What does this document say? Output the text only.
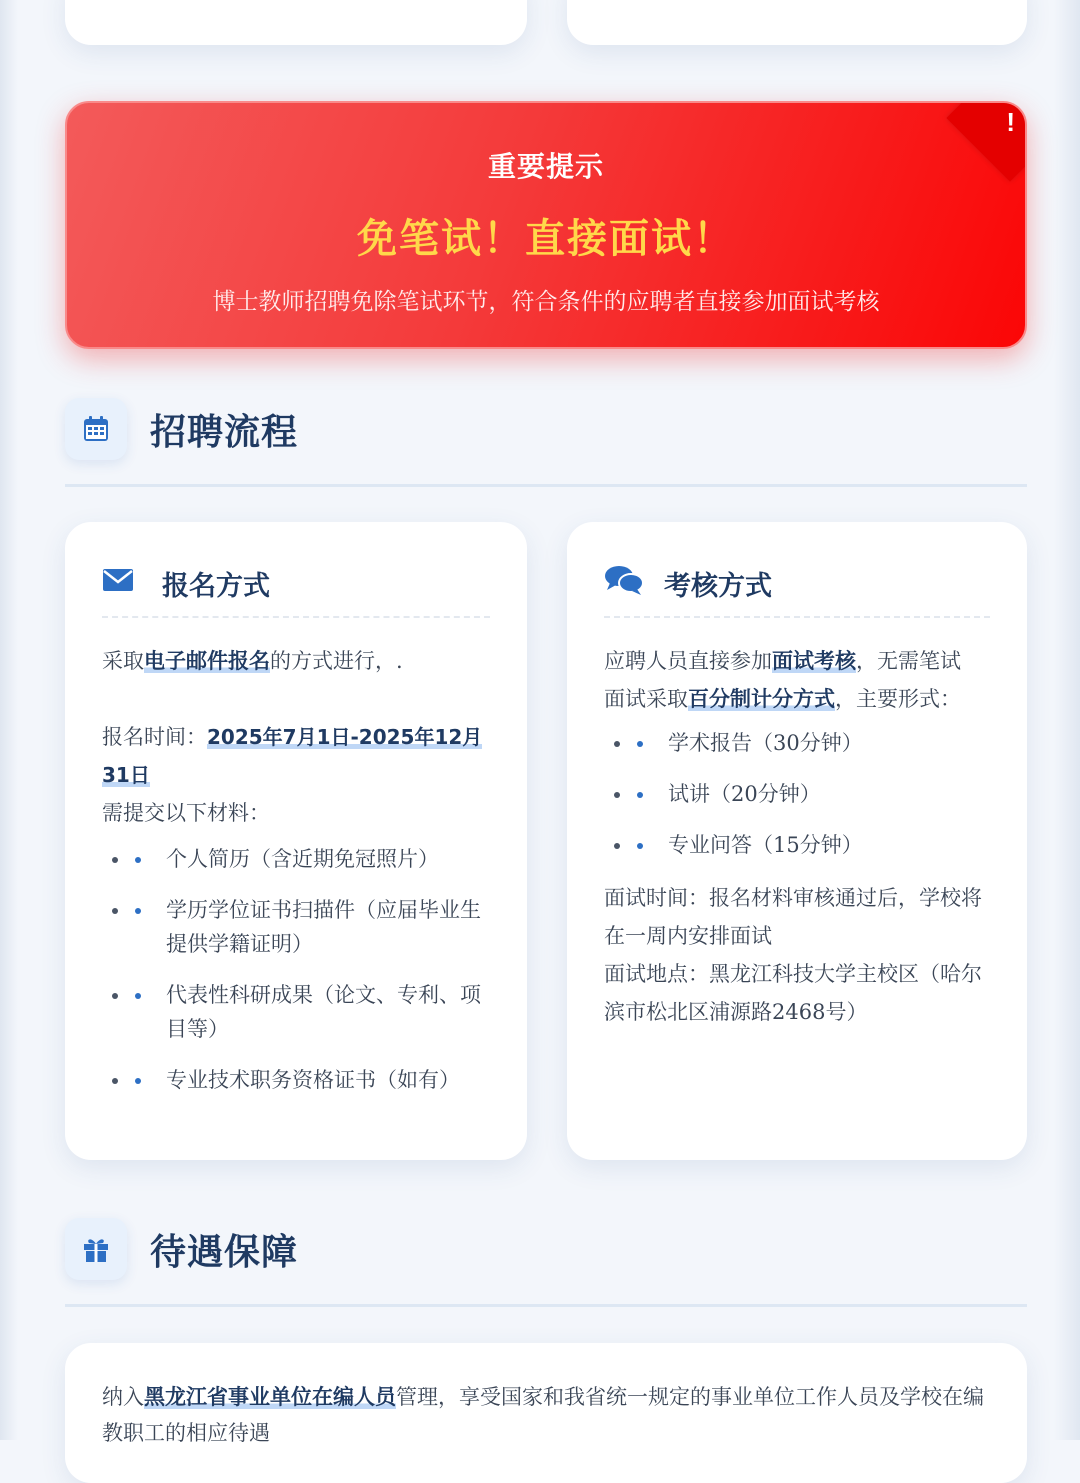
!
重要提示
免笔试！直接面试！
博士教师招聘免除笔试环节，符合条件的应聘者直接参加面试考核
招聘流程
报名方式
采取电子邮件报名的方式进行，.
报名时间：2025年7月1日-2025年12月31日
需提交以下材料：
个人简历（含近期免冠照片）
学历学位证书扫描件（应届毕业生提供学籍证明）
代表性科研成果（论文、专利、项目等）
专业技术职务资格证书（如有）
考核方式
应聘人员直接参加面试考核，无需笔试
面试采取百分制计分方式，主要形式：
学术报告（30分钟）
试讲（20分钟）
专业问答（15分钟）
面试时间：报名材料审核通过后，学校将在一周内安排面试
面试地点：黑龙江科技大学主校区（哈尔滨市松北区浦源路2468号）
待遇保障
纳入黑龙江省事业单位在编人员管理，享受国家和我省统一规定的事业单位工作人员及学校在编教职工的相应待遇
